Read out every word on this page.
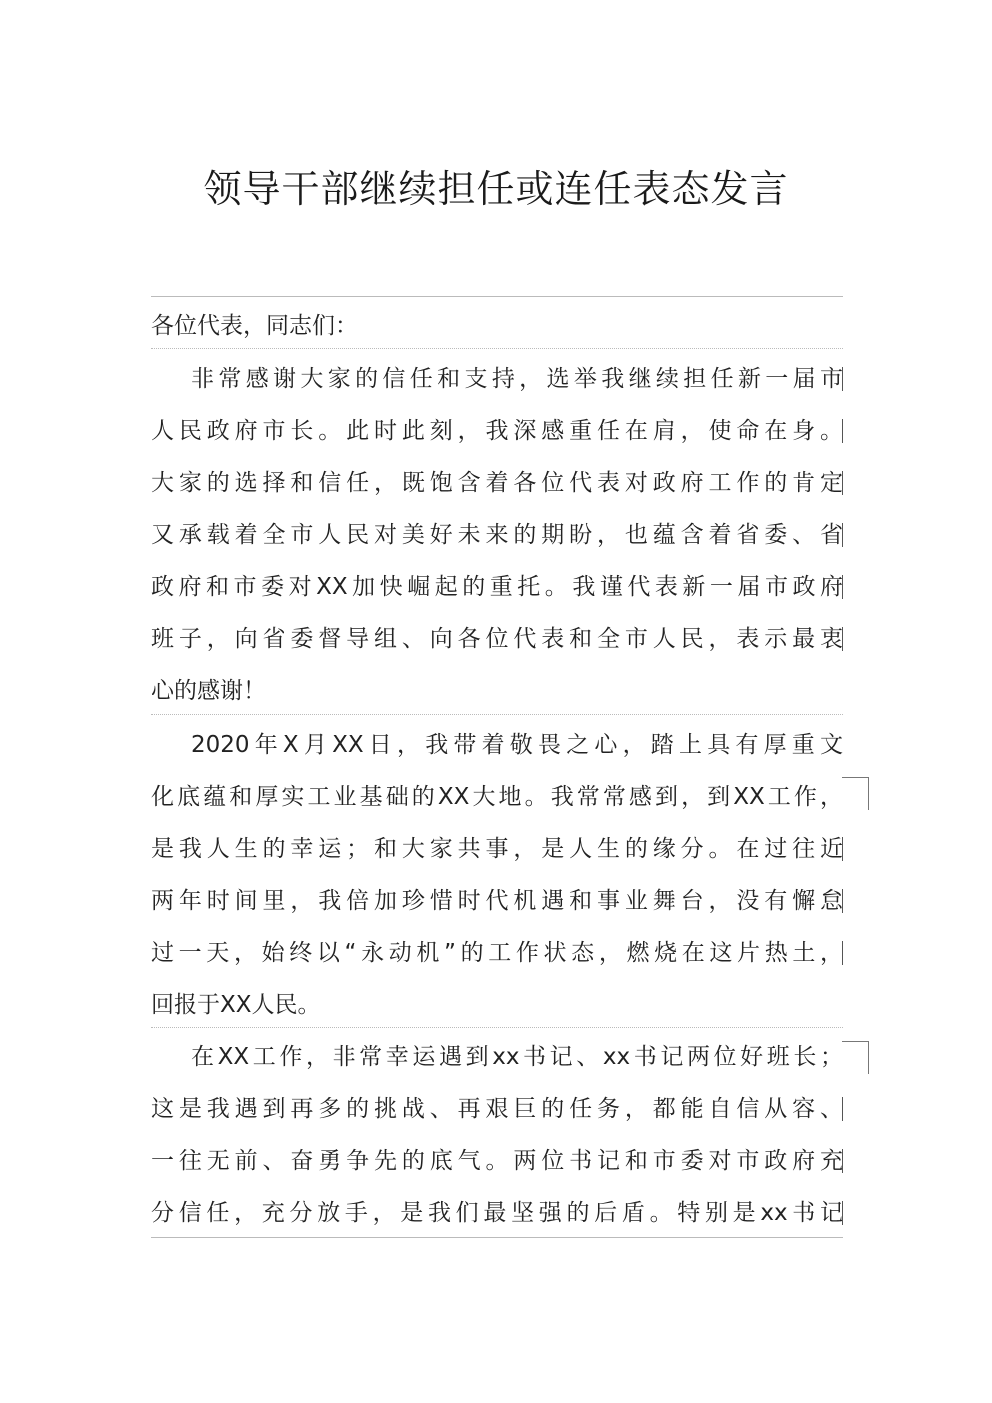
领导干部继续担任或连任表态发言
各位代表，同志们：
非常感谢大家的信任和支持，选举我继续担任新一届市
人民政府市长。此时此刻，我深感重任在肩，使命在身。
大家的选择和信任，既饱含着各位代表对政府工作的肯定
又承载着全市人民对美好未来的期盼，也蕴含着省委、省
政府和市委对XX加快崛起的重托。我谨代表新一届市政府
班子，向省委督导组、向各位代表和全市人民，表示最衷
心的感谢！
2020年X月XX日，我带着敬畏之心，踏上具有厚重文
化底蕴和厚实工业基础的XX大地。我常常感到，到XX工作，
是我人生的幸运；和大家共事，是人生的缘分。在过往近
两年时间里，我倍加珍惜时代机遇和事业舞台，没有懈怠
过一天，始终以“永动机”的工作状态，燃烧在这片热土，
回报于XX人民。
在XX工作，非常幸运遇到xx书记、xx书记两位好班长；
这是我遇到再多的挑战、再艰巨的任务，都能自信从容、
一往无前、奋勇争先的底气。两位书记和市委对市政府充
分信任，充分放手，是我们最坚强的后盾。特别是xx书记
